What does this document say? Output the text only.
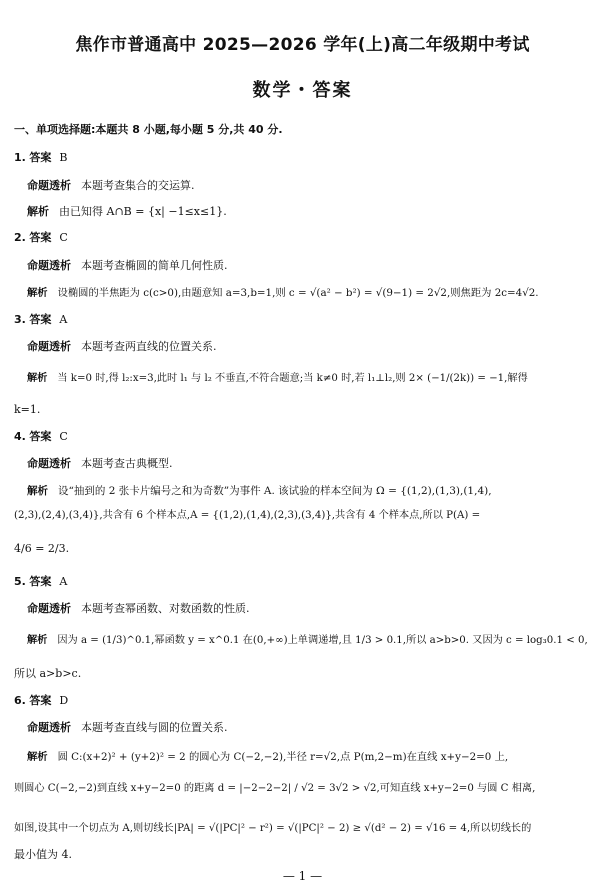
焦作市普通高中 2025—2026 学年(上)高二年级期中考试
数学・答案
一、单项选择题:本题共 8 小题,每小题 5 分,共 40 分.
1. 答案 B
命题透析 本题考查集合的交运算.
解析 由已知得 A∩B = {x| −1≤x≤1}.
2. 答案 C
命题透析 本题考查椭圆的简单几何性质.
解析 设椭圆的半焦距为 c(c>0),由题意知 a=3,b=1,则 c = √(a² − b²) = √(9−1) = 2√2,则焦距为 2c=4√2.
3. 答案 A
命题透析 本题考查两直线的位置关系.
解析 当 k=0 时,得 l₂:x=3,此时 l₁ 与 l₂ 不垂直,不符合题意;当 k≠0 时,若 l₁⊥l₂,则 2× (−1/(2k)) = −1,解得
k=1.
4. 答案 C
命题透析 本题考查古典概型.
解析 设“抽到的 2 张卡片编号之和为奇数”为事件 A. 该试验的样本空间为 Ω = {(1,2),(1,3),(1,4),
(2,3),(2,4),(3,4)},共含有 6 个样本点,A = {(1,2),(1,4),(2,3),(3,4)},共含有 4 个样本点,所以 P(A) =
4/6 = 2/3.
5. 答案 A
命题透析 本题考查幂函数、对数函数的性质.
解析 因为 a = (1/3)^0.1,幂函数 y = x^0.1 在(0,+∞)上单调递增,且 1/3 > 0.1,所以 a>b>0. 又因为 c = log₃0.1 < 0,
所以 a>b>c.
6. 答案 D
命题透析 本题考查直线与圆的位置关系.
解析 圆 C:(x+2)² + (y+2)² = 2 的圆心为 C(−2,−2),半径 r=√2,点 P(m,2−m)在直线 x+y−2=0 上,
则圆心 C(−2,−2)到直线 x+y−2=0 的距离 d = |−2−2−2| / √2 = 3√2 > √2,可知直线 x+y−2=0 与圆 C 相离,
如图,设其中一个切点为 A,则切线长|PA| = √(|PC|² − r²) = √(|PC|² − 2) ≥ √(d² − 2) = √16 = 4,所以切线长的
最小值为 4.
— 1 —
